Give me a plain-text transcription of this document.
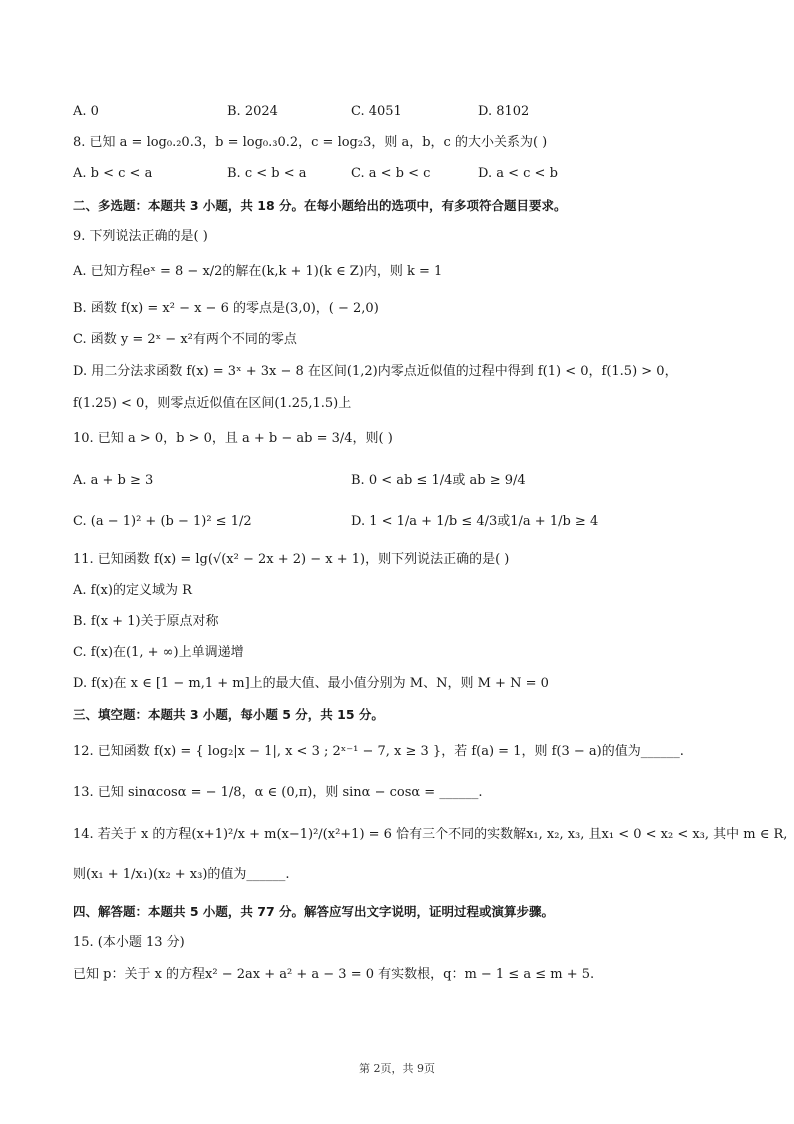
A. 0	B. 2024	C. 4051	D. 8102
8. 已知 a = log₀.₂0.3，b = log₀.₃0.2，c = log₂3，则 a，b，c 的大小关系为( )
A. b < c < a	B. c < b < a	C. a < b < c	D. a < c < b
二、多选题：本题共 3 小题，共 18 分。在每小题给出的选项中，有多项符合题目要求。
9. 下列说法正确的是( )
A. 已知方程eˣ = 8 − x/2的解在(k,k + 1)(k ∈ Z)内，则 k = 1
B. 函数 f(x) = x² − x − 6 的零点是(3,0)，( − 2,0)
C. 函数 y = 2ˣ − x²有两个不同的零点
D. 用二分法求函数 f(x) = 3ˣ + 3x − 8 在区间(1,2)内零点近似值的过程中得到 f(1) < 0，f(1.5) > 0，
f(1.25) < 0，则零点近似值在区间(1.25,1.5)上
10. 已知 a > 0，b > 0，且 a + b − ab = 3/4，则( )
A. a + b ≥ 3	B. 0 < ab ≤ 1/4或 ab ≥ 9/4
C. (a − 1)² + (b − 1)² ≤ 1/2	D. 1 < 1/a + 1/b ≤ 4/3或1/a + 1/b ≥ 4
11. 已知函数 f(x) = lg(√(x² − 2x + 2) − x + 1)，则下列说法正确的是( )
A. f(x)的定义域为 R
B. f(x + 1)关于原点对称
C. f(x)在(1, + ∞)上单调递增
D. f(x)在 x ∈ [1 − m,1 + m]上的最大值、最小值分别为 M、N，则 M + N = 0
三、填空题：本题共 3 小题，每小题 5 分，共 15 分。
12. 已知函数 f(x) = { log₂|x − 1|, x < 3 ; 2ˣ⁻¹ − 7, x ≥ 3 }，若 f(a) = 1，则 f(3 − a)的值为______.
13. 已知 sinαcosα = − 1/8，α ∈ (0,π)，则 sinα − cosα = ______.
14. 若关于 x 的方程(x+1)²/x + m(x−1)²/(x²+1) = 6 恰有三个不同的实数解x₁, x₂, x₃, 且x₁ < 0 < x₂ < x₃, 其中 m ∈ R,
则(x₁ + 1/x₁)(x₂ + x₃)的值为______.
四、解答题：本题共 5 小题，共 77 分。解答应写出文字说明，证明过程或演算步骤。
15. (本小题 13 分)
已知 p：关于 x 的方程x² − 2ax + a² + a − 3 = 0 有实数根，q：m − 1 ≤ a ≤ m + 5.
第 2页，共 9页
